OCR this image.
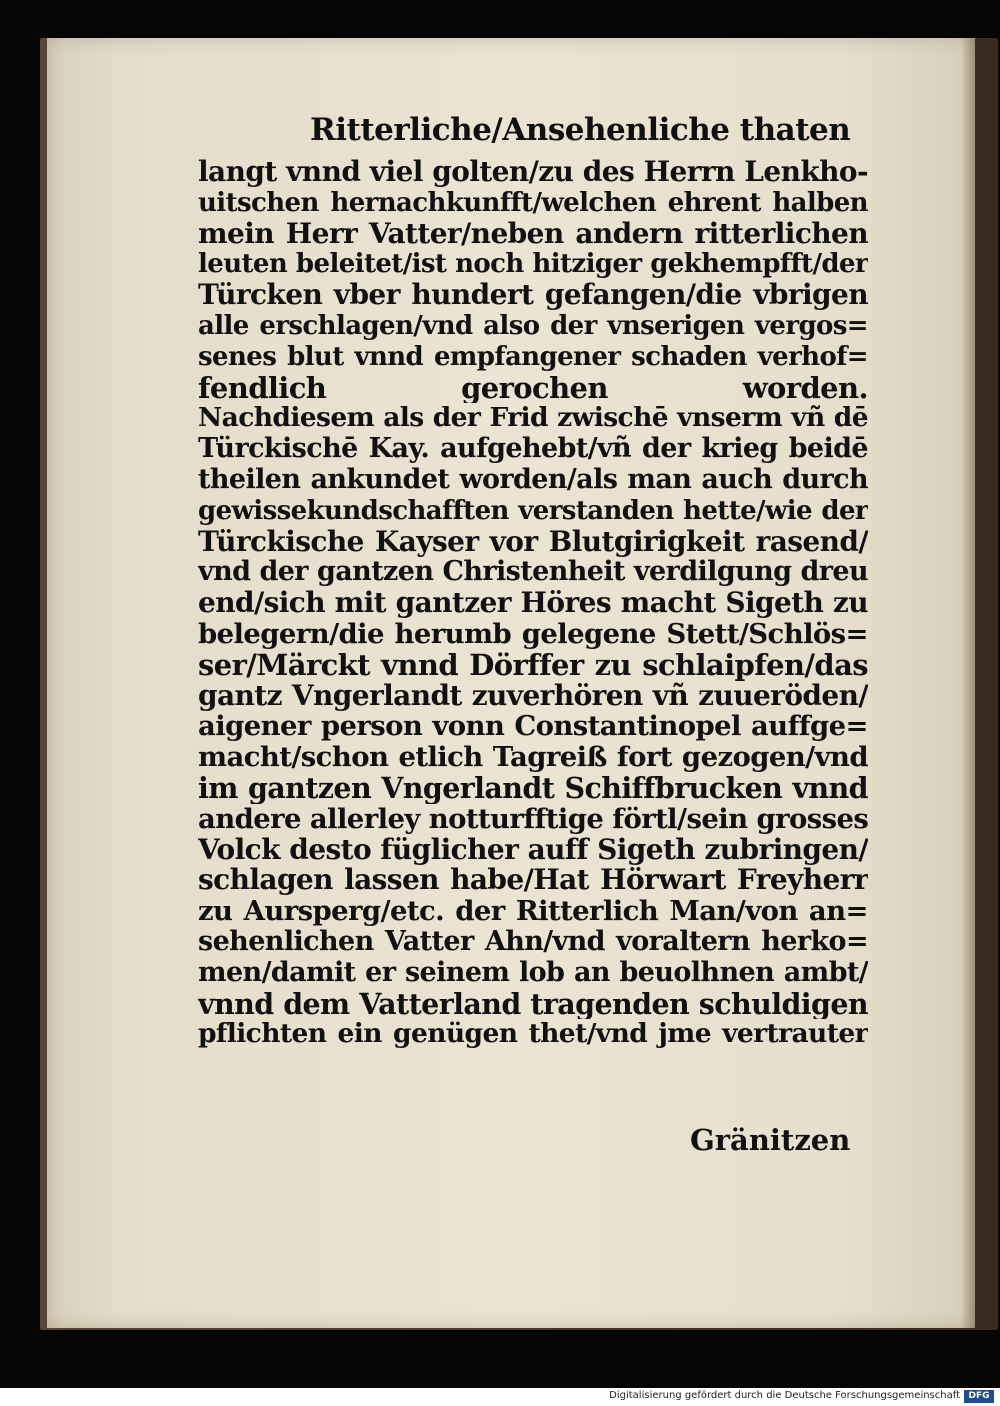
Ritterliche/Ansehenliche thaten
langt vnnd viel golten/zu des Herrn Lenkho-
uitschen hernachkunfft/welchen ehrent halben
mein Herr Vatter/neben andern ritterlichen
leuten beleitet/ist noch hitziger gekhempfft/der
Türcken vber hundert gefangen/die vbrigen
alle erschlagen/vnd also der vnserigen vergos=
senes blut vnnd empfangener schaden verhof=
fendlich gerochen worden.
Nachdiesem als der Frid zwischē vnserm vñ dē
Türckischē Kay. aufgehebt/vñ der krieg beidē
theilen ankundet worden/als man auch durch
gewissekundschafften verstanden hette/wie der
Türckische Kayser vor Blutgirigkeit rasend/
vnd der gantzen Christenheit verdilgung dreu
end/sich mit gantzer Höres macht Sigeth zu
belegern/die herumb gelegene Stett/Schlös=
ser/Märckt vnnd Dörffer zu schlaipfen/das
gantz Vngerlandt zuverhören vñ zuueröden/
aigener person vonn Constantinopel auffge=
macht/schon etlich Tagreiß fort gezogen/vnd
im gantzen Vngerlandt Schiffbrucken vnnd
andere allerley notturfftige förtl/sein grosses
Volck desto füglicher auff Sigeth zubringen/
schlagen lassen habe/Hat Hörwart Freyherr
zu Aursperg/etc. der Ritterlich Man/von an=
sehenlichen Vatter Ahn/vnd voraltern herko=
men/damit er seinem lob an beuolhnen ambt/
vnnd dem Vatterland tragenden schuldigen
pflichten ein genügen thet/vnd jme vertrauter
Gränitzen
Digitalisierung gefördert durch die Deutsche Forschungsgemeinschaft DFG
